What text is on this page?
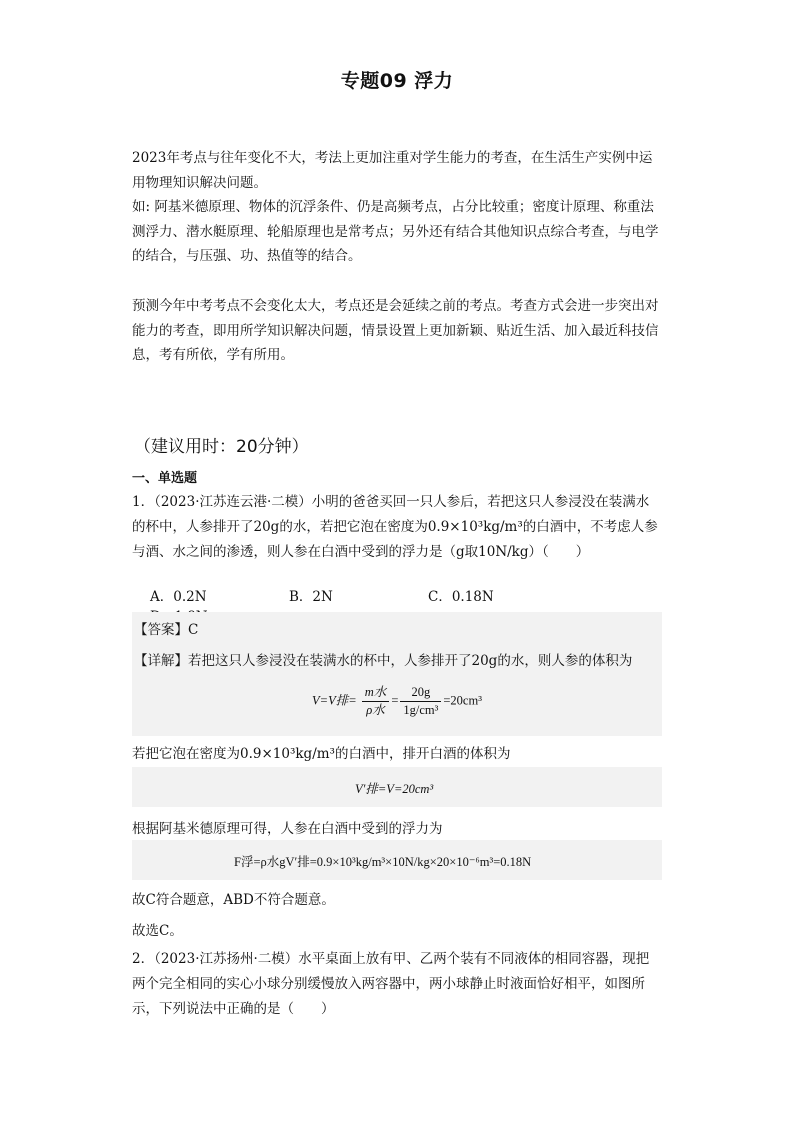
专题09 浮力

2023年考点与往年变化不大，考法上更加注重对学生能力的考查，在生活生产实例中运用物理知识解决问题。

如: 阿基米德原理、物体的沉浮条件、仍是高频考点，占分比较重；密度计原理、称重法测浮力、潜水艇原理、轮船原理也是常考点；另外还有结合其他知识点综合考查，与电学的结合，与压强、功、热值等的结合。

预测今年中考考点不会变化太大，考点还是会延续之前的考点。考查方式会进一步突出对能力的考查，即用所学知识解决问题，情景设置上更加新颖、贴近生活、加入最近科技信息，考有所依，学有所用。

（建议用时：20分钟）
一、单选题

1．（2023·江苏连云港·二模）小明的爸爸买回一只人参后，若把这只人参浸没在装满水的杯中，人参排开了20g的水，若把它泡在密度为0.9×10³kg/m³的白酒中，不考虑人参与酒、水之间的渗透，则人参在白酒中受到的浮力是（g取10N/kg）（　　）

A．0.2N	B．2N	C．0.18N
【答案】C
【详解】若把这只人参浸没在装满水的杯中，人参排开了20g的水，则人参的体积为
V=V排= $\frac{\text{m水}}{\text{ρ水}} = \frac{20g}{\text{1g/cm³}} =20cm^3$
若把它泡在密度为0.9×10³kg/m³的白酒中，排开白酒的体积为
V′排=V=20cm³
根据阿基米德原理可得，人参在白酒中受到的浮力为
F浮=ρ水gV′排=0.9×10³kg/m³×10N/kg×20×10⁻⁶m³=0.18N
故C符合题意，ABD不符合题意。
故选C。

2．（2023·江苏扬州·二模）水平桌面上放有甲、乙两个装有不同液体的相同容器，现把两个完全相同的实心小球分别缓慢放入两容器中，两小球静止时液面恰好相平，如图所示，下列说法中正确的是（　　）
